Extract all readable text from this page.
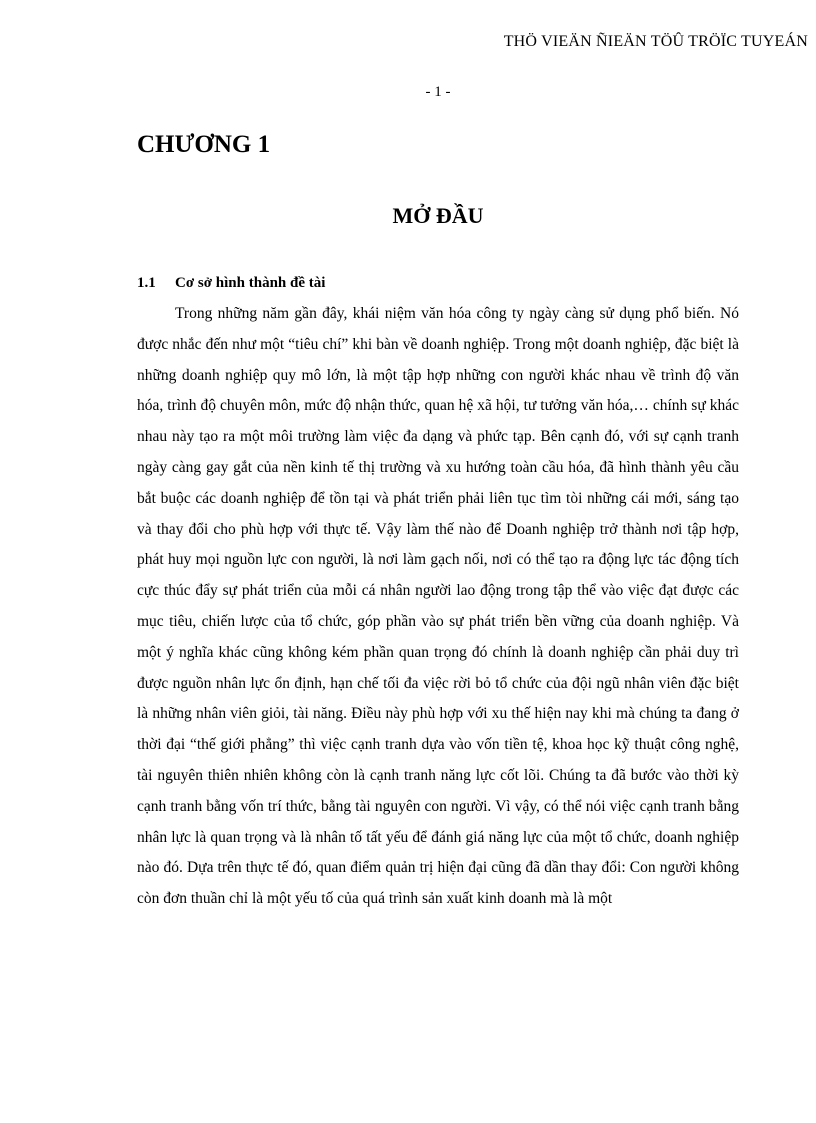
THÖ VIEÄN ÑIEÄN TÖÛ TRÖÏC TUYEÁN
- 1 -
CHƯƠNG 1
MỞ ĐẦU
1.1 Cơ sở hình thành đề tài

Trong những năm gần đây, khái niệm văn hóa công ty ngày càng sử dụng phổ biến. Nó được nhắc đến như một “tiêu chí” khi bàn về doanh nghiệp. Trong một doanh nghiệp, đặc biệt là những doanh nghiệp quy mô lớn, là một tập hợp những con người khác nhau về trình độ văn hóa, trình độ chuyên môn, mức độ nhận thức, quan hệ xã hội, tư tưởng văn hóa,… chính sự khác nhau này tạo ra một môi trường làm việc đa dạng và phức tạp. Bên cạnh đó, với sự cạnh tranh ngày càng gay gắt của nền kinh tế thị trường và xu hướng toàn cầu hóa, đã hình thành yêu cầu bắt buộc các doanh nghiệp để tồn tại và phát triển phải liên tục tìm tòi những cái mới, sáng tạo và thay đổi cho phù hợp với thực tế. Vậy làm thế nào để Doanh nghiệp trở thành nơi tập hợp, phát huy mọi nguồn lực con người, là nơi làm gạch nối, nơi có thể tạo ra động lực tác động tích cực thúc đẩy sự phát triển của mỗi cá nhân người lao động trong tập thể vào việc đạt được các mục tiêu, chiến lược của tổ chức, góp phần vào sự phát triển bền vững của doanh nghiệp. Và một ý nghĩa khác cũng không kém phần quan trọng đó chính là doanh nghiệp cần phải duy trì được nguồn nhân lực ổn định, hạn chế tối đa việc rời bỏ tổ chức của đội ngũ nhân viên đặc biệt là những nhân viên giỏi, tài năng. Điều này phù hợp với xu thế hiện nay khi mà chúng ta đang ở thời đại “thế giới phẳng” thì việc cạnh tranh dựa vào vốn tiền tệ, khoa học kỹ thuật công nghệ, tài nguyên thiên nhiên không còn là cạnh tranh năng lực cốt lõi. Chúng ta đã bước vào thời kỳ cạnh tranh bằng vốn trí thức, bằng tài nguyên con người. Vì vậy, có thể nói việc cạnh tranh bằng nhân lực là quan trọng và là nhân tố tất yếu để đánh giá năng lực của một tổ chức, doanh nghiệp nào đó. Dựa trên thực tế đó, quan điểm quản trị hiện đại cũng đã dần thay đổi: Con người không còn đơn thuần chỉ là một yếu tố của quá trình sản xuất kinh doanh mà là một
